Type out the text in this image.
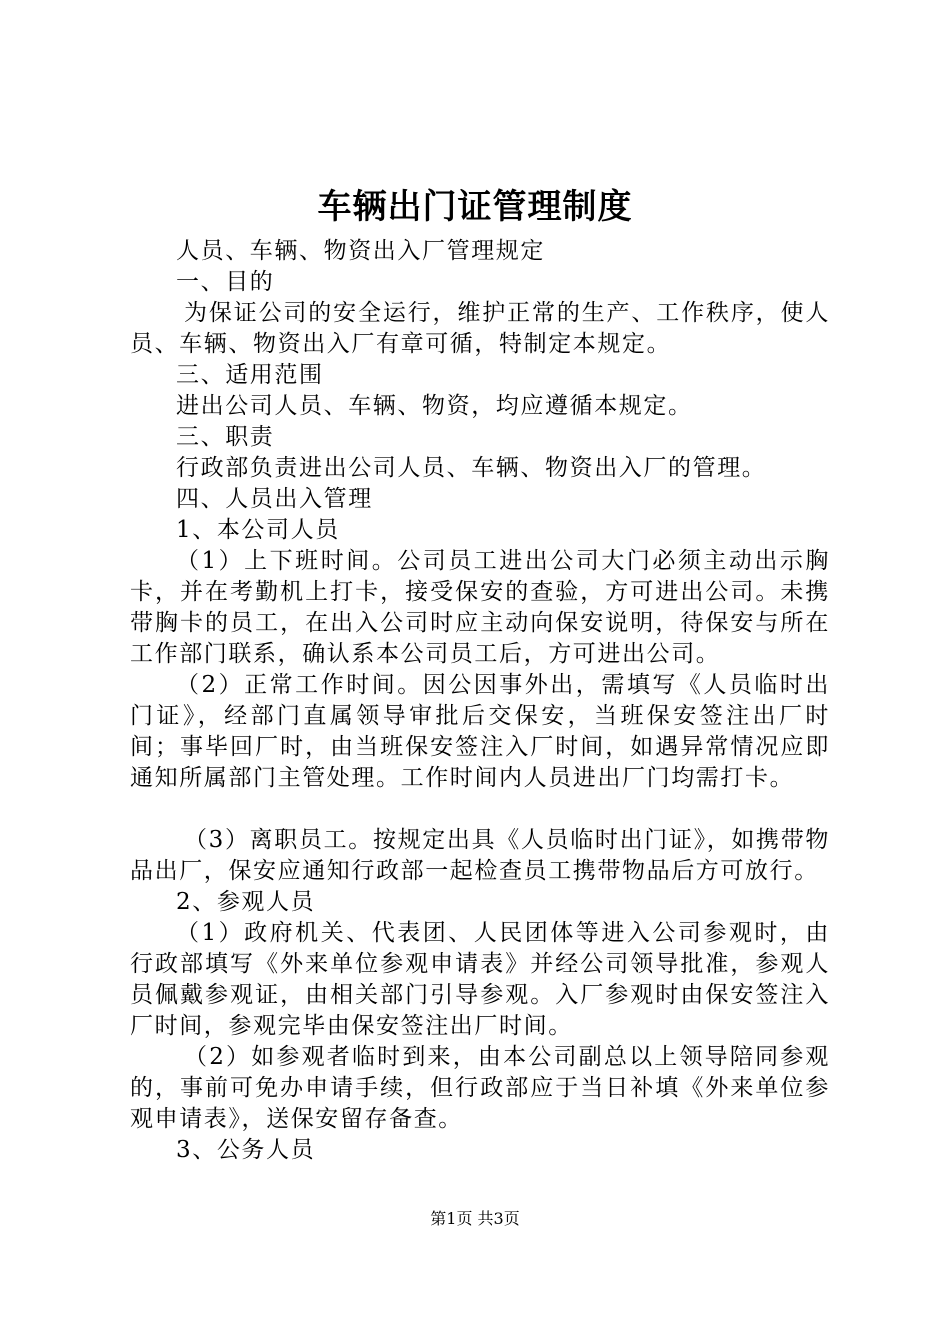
车辆出门证管理制度

人员、车辆、物资出入厂管理规定

一、目的

为保证公司的安全运行，维护正常的生产、工作秩序，使人员、车辆、物资出入厂有章可循，特制定本规定。

三、适用范围

进出公司人员、车辆、物资，均应遵循本规定。

三、职责

行政部负责进出公司人员、车辆、物资出入厂的管理。

四、人员出入管理

1、本公司人员

（1）上下班时间。公司员工进出公司大门必须主动出示胸卡，并在考勤机上打卡，接受保安的查验，方可进出公司。未携带胸卡的员工，在出入公司时应主动向保安说明，待保安与所在工作部门联系，确认系本公司员工后，方可进出公司。

（2）正常工作时间。因公因事外出，需填写《人员临时出门证》，经部门直属领导审批后交保安，当班保安签注出厂时间；事毕回厂时，由当班保安签注入厂时间，如遇异常情况应即通知所属部门主管处理。工作时间内人员进出厂门均需打卡。

（3）离职员工。按规定出具《人员临时出门证》，如携带物品出厂，保安应通知行政部一起检查员工携带物品后方可放行。

2、参观人员

（1）政府机关、代表团、人民团体等进入公司参观时，由行政部填写《外来单位参观申请表》并经公司领导批准，参观人员佩戴参观证，由相关部门引导参观。入厂参观时由保安签注入厂时间，参观完毕由保安签注出厂时间。

（2）如参观者临时到来，由本公司副总以上领导陪同参观的，事前可免办申请手续，但行政部应于当日补填《外来单位参观申请表》，送保安留存备查。

3、公务人员

第1页 共3页
